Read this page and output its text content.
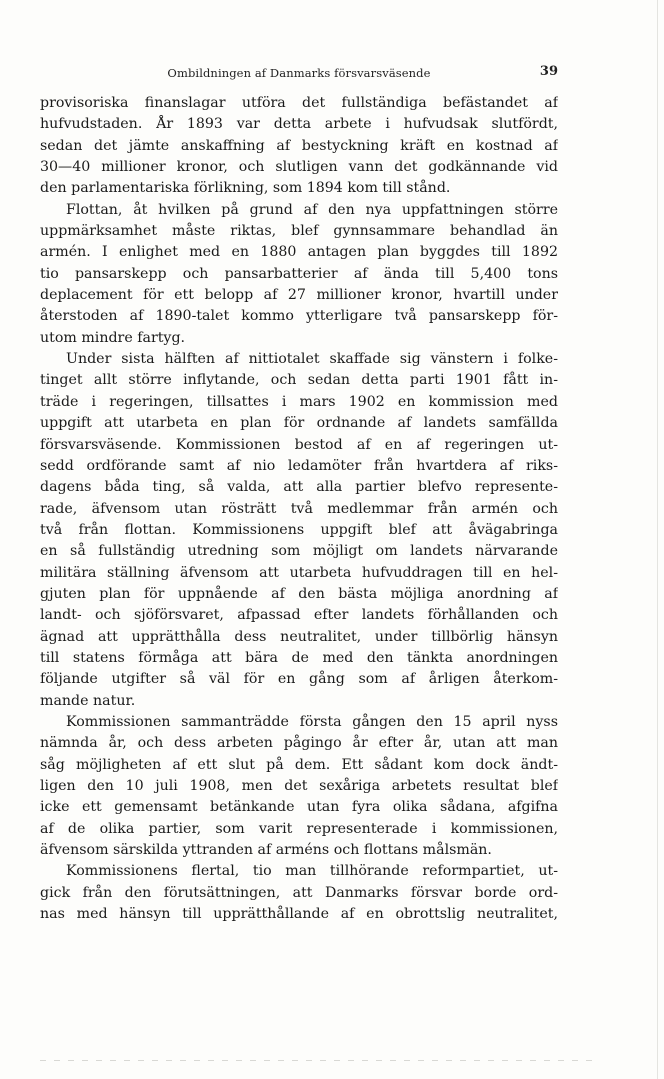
Ombildningen af Danmarks försvarsväsende	39
provisoriska finanslagar utföra det fullständiga befästandet af
hufvudstaden. År 1893 var detta arbete i hufvudsak slutfördt,
sedan det jämte anskaffning af bestyckning kräft en kostnad af
30—40 millioner kronor, och slutligen vann det godkännande vid
den parlamentariska förlikning, som 1894 kom till stånd.
Flottan, åt hvilken på grund af den nya uppfattningen större
uppmärksamhet måste riktas, blef gynnsammare behandlad än
armén. I enlighet med en 1880 antagen plan byggdes till 1892
tio pansarskepp och pansarbatterier af ända till 5,400 tons
deplacement för ett belopp af 27 millioner kronor, hvartill under
återstoden af 1890-talet kommo ytterligare två pansarskepp för-
utom mindre fartyg.
Under sista hälften af nittiotalet skaffade sig vänstern i folke-
tinget allt större inflytande, och sedan detta parti 1901 fått in-
träde i regeringen, tillsattes i mars 1902 en kommission med
uppgift att utarbeta en plan för ordnande af landets samfällda
försvarsväsende. Kommissionen bestod af en af regeringen ut-
sedd ordförande samt af nio ledamöter från hvartdera af riks-
dagens båda ting, så valda, att alla partier blefvo represente-
rade, äfvensom utan rösträtt två medlemmar från armén och
två från flottan. Kommissionens uppgift blef att åvägabringa
en så fullständig utredning som möjligt om landets närvarande
militära ställning äfvensom att utarbeta hufvuddragen till en hel-
gjuten plan för uppnående af den bästa möjliga anordning af
landt- och sjöförsvaret, afpassad efter landets förhållanden och
ägnad att upprätthålla dess neutralitet, under tillbörlig hänsyn
till statens förmåga att bära de med den tänkta anordningen
följande utgifter så väl för en gång som af årligen återkom-
mande natur.
Kommissionen sammanträdde första gången den 15 april nyss
nämnda år, och dess arbeten pågingo år efter år, utan att man
såg möjligheten af ett slut på dem. Ett sådant kom dock ändt-
ligen den 10 juli 1908, men det sexåriga arbetets resultat blef
icke ett gemensamt betänkande utan fyra olika sådana, afgifna
af de olika partier, som varit representerade i kommissionen,
äfvensom särskilda yttranden af arméns och flottans målsmän.
Kommissionens flertal, tio man tillhörande reformpartiet, ut-
gick från den förutsättningen, att Danmarks försvar borde ord-
nas med hänsyn till upprätthållande af en obrottslig neutralitet,
